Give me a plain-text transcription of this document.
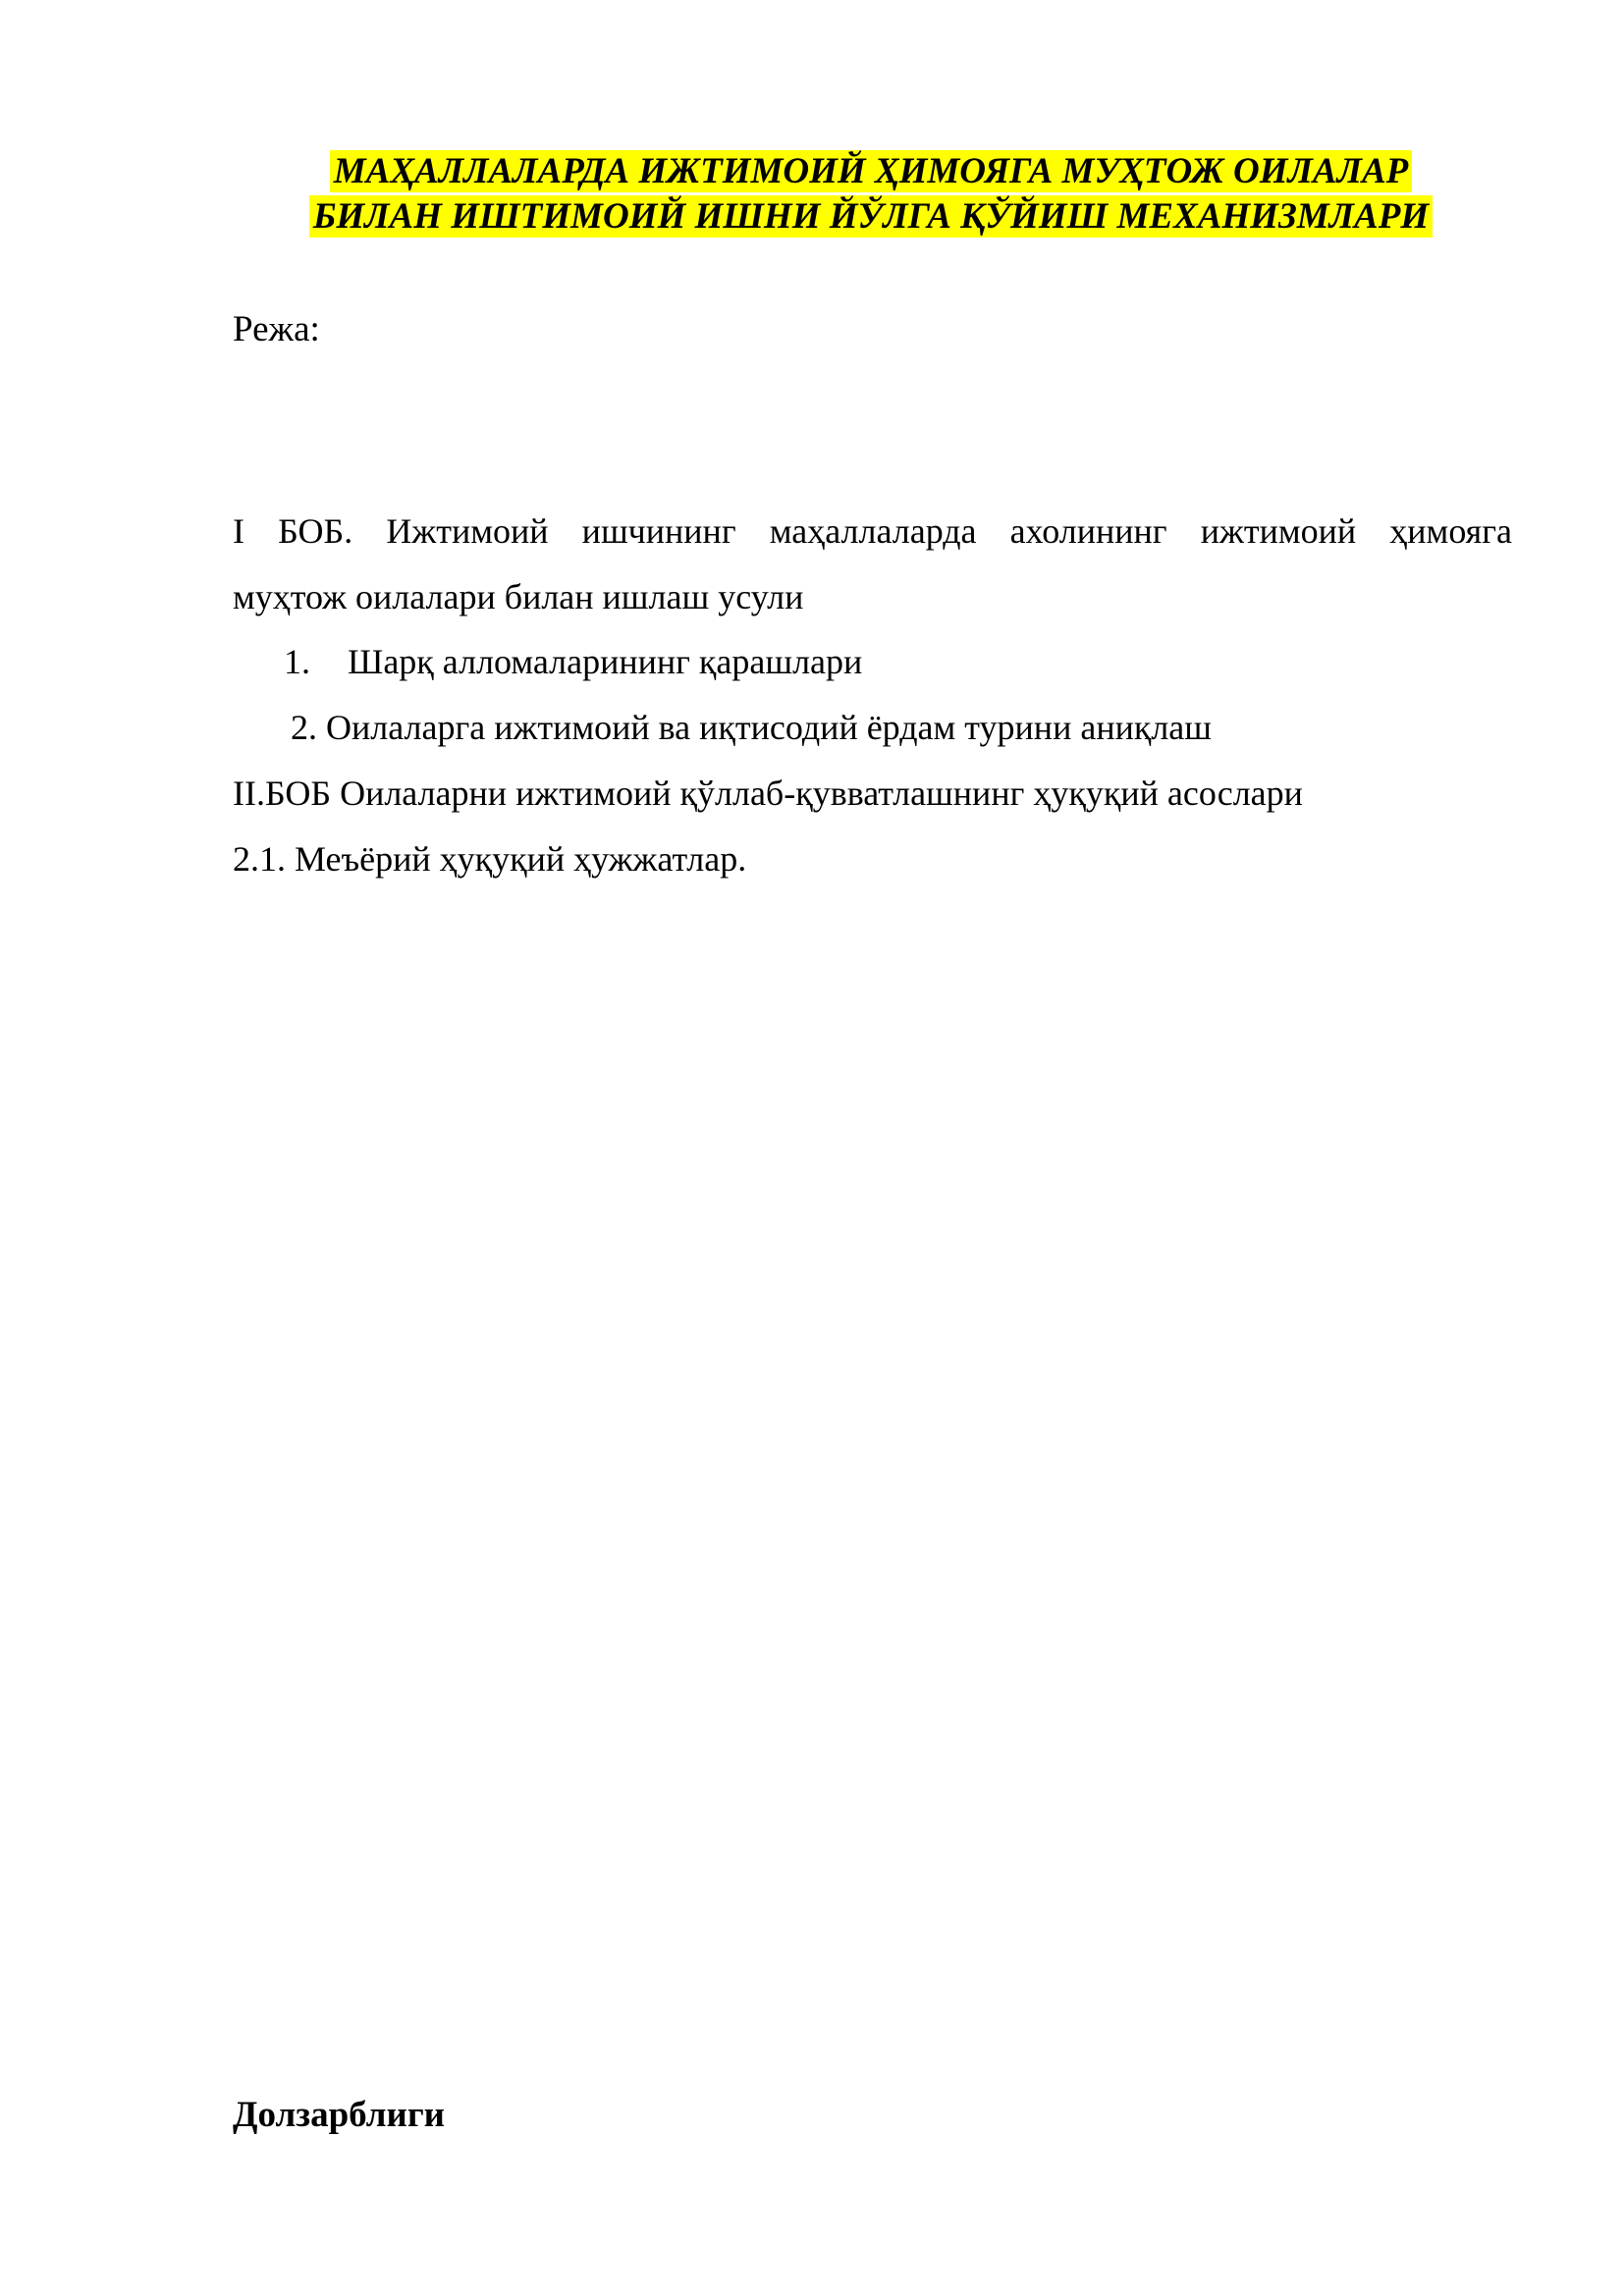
МАҲАЛЛАЛАРДА ИЖТИМОИЙ ҲИМОЯГА МУҲТОЖ ОИЛАЛАР
БИЛАН ИШТИМОИЙ ИШНИ ЙЎЛГА ҚЎЙИШ МЕХАНИЗМЛАРИ
Режа:
I БОБ. Ижтимоий ишчининг маҳаллаларда ахолининг ижтимоий ҳимояга
муҳтож оилалари билан ишлаш усули
1. Шарқ алломаларининг қарашлари
2. Оилаларга ижтимоий ва иқтисодий ёрдам турини аниқлаш
II.БОБ Оилаларни ижтимоий қўллаб-қувватлашнинг ҳуқуқий асослари
2.1. Меъёрий ҳуқуқий ҳужжатлар.
Долзарблиги
